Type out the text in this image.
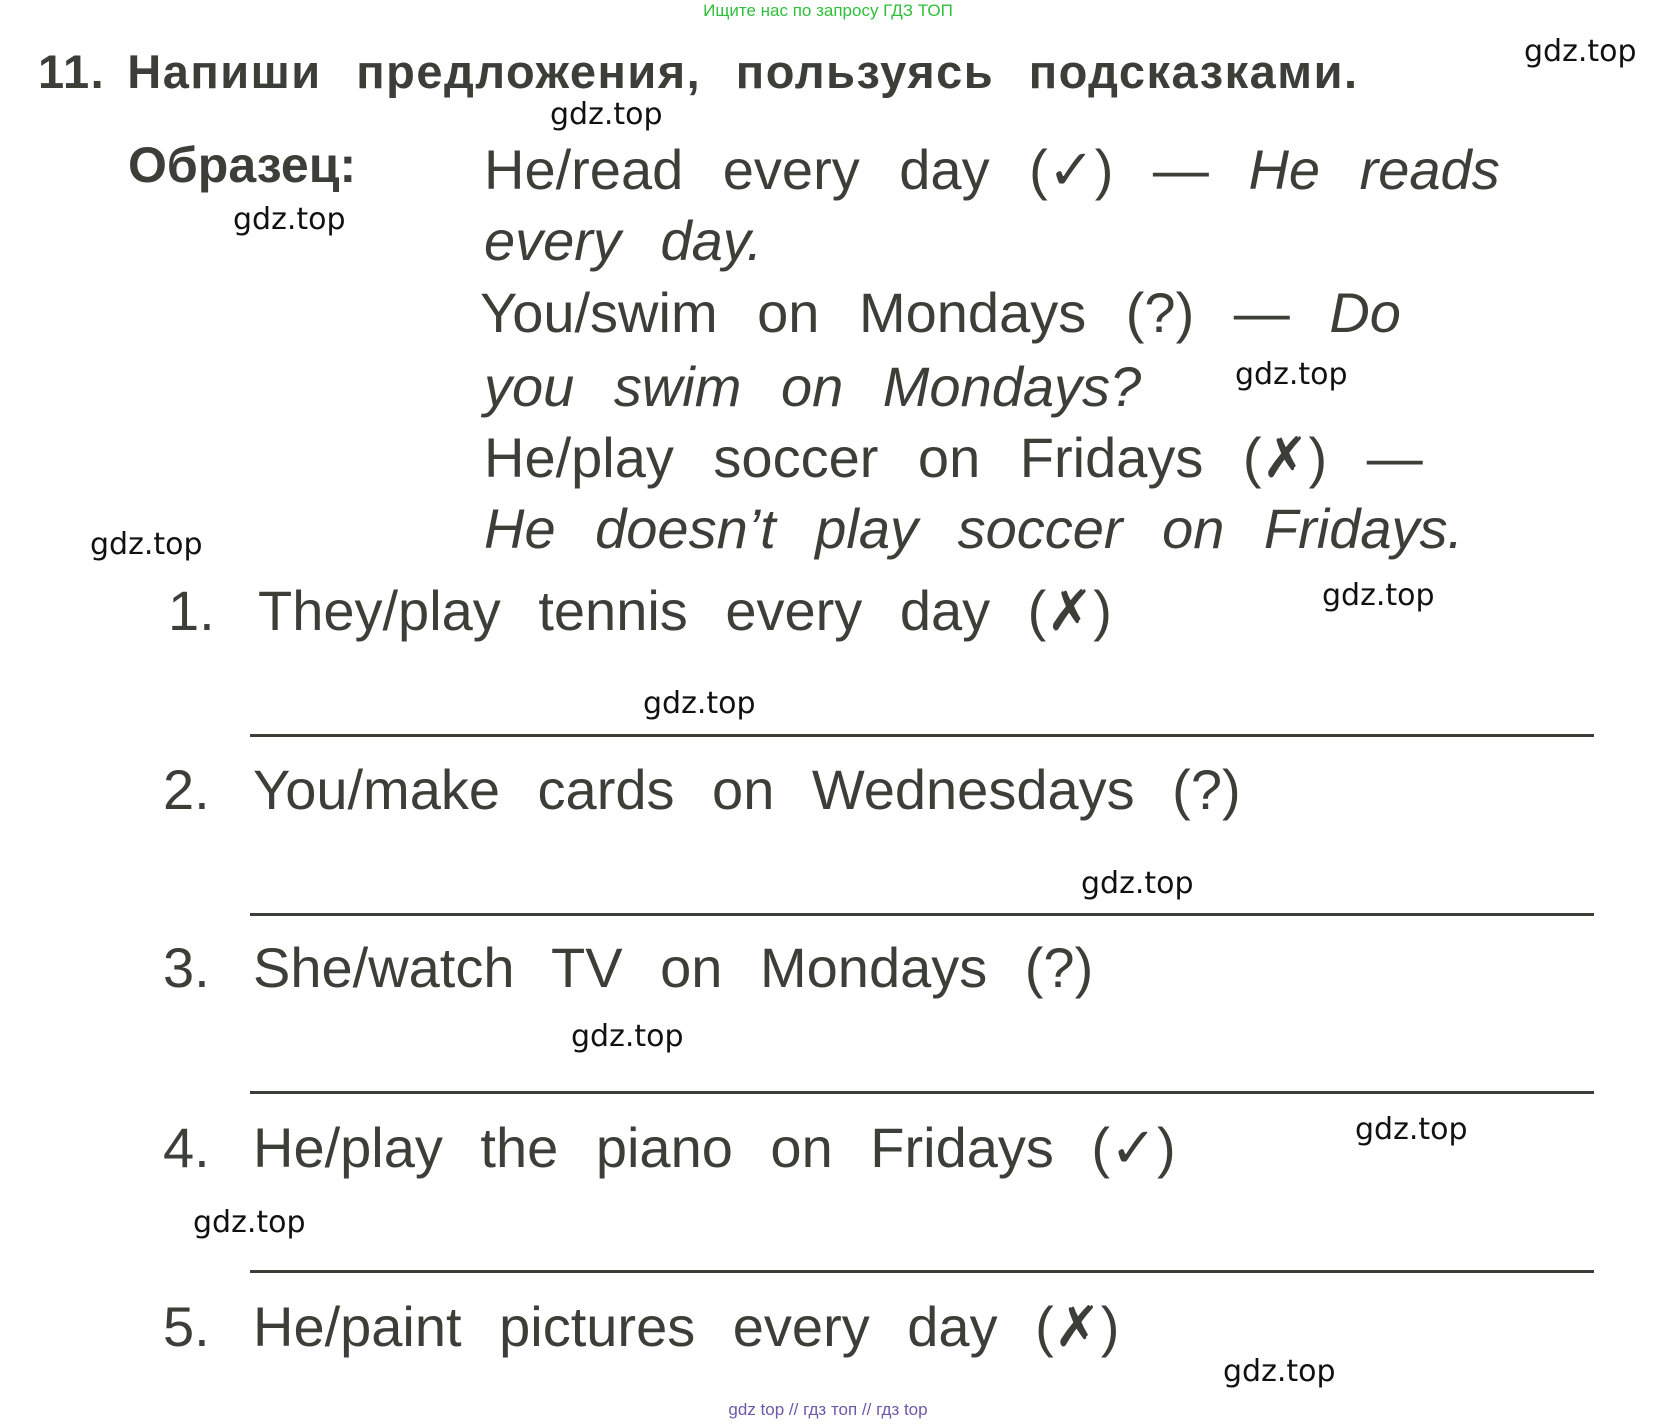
Ищите нас по запросу ГДЗ ТОП
gdz top // гдз топ // гдз top
11. Напиши предложения, пользуясь подсказками.
Образец: He/read every day (✓) — He reads
every day.
You/swim on Mondays (?) — Do
you swim on Mondays?
He/play soccer on Fridays (✗) —
He doesn’t play soccer on Fridays.
1. They/play tennis every day (✗)
2. You/make cards on Wednesdays (?)
3. She/watch TV on Mondays (?)
4. He/play the piano on Fridays (✓)
5. He/paint pictures every day (✗)
gdz.top
gdz.top
gdz.top
gdz.top
gdz.top
gdz.top
gdz.top
gdz.top
gdz.top
gdz.top
gdz.top
gdz.top
